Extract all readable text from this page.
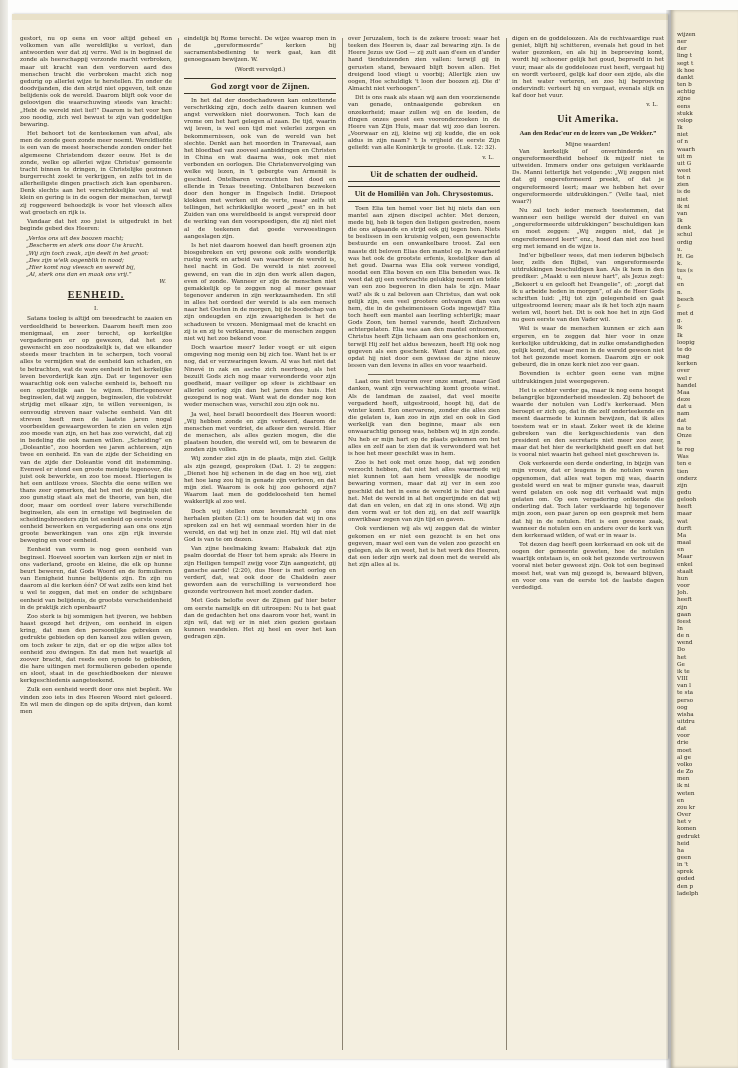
gestort, nu op eens en voor altijd geheel en volkomen van alle wereldlijke u verlost, dan antwoorden wer dat zij verre. Wel is in beginsel de zonde als heerschappij verzonde macht verbroken, maar uit kracht van den verdorven aard des menschen tracht die verbroken macht zich nog gedurig op allerlei wijze te herstellen. En onder de doodvijanden, die den strijd niet opgeven, telt onze belijdenis ook de wereld. Daarom blijft ook voor de geloovigen die waarschuwing steeds van kracht: „Hebt de wereld niet lief!” Daarom is het voor hen zoo noodig, zich wel bewust te zijn van goddelijke bewaring.

Het behoort tot de kenteekenen van afval, als men de zonde geen zonde meer noemt. Wereldliefde is een van de meest heerschende zonden onder het algemeene Christendom dezer eeuw. Het is de zonde, welke op allerlei wijze Christus' gemeente tracht binnen te dringen, in Christelijke gezinnen burgerrecht zoekt te verkrijgen, en zelfs tot in de allerheiligste dingen practisch zich kan openbaren. Denk slechts aan het verschrikkelijke van al wat klein en gering is in de oogen der menschen, terwijl zij roggewerd behoedzijk is voor het vleesch alles wat groetsch en rijk is.

Vandaar dat het zoo juist is uitgedrukt in het beginde gebed des Heeren:

„Verlos ons uit des boozen macht;
„Bescherm en sterk ons door Uw kracht.
„Wij zijn toch zwak, zijn deelt in het groot:
„Des zijn w'elk oogenblik in nood;
„Hier komt nog vleesch en wereld bij,
„Al, sterk ons dan en maak ons vrij.”
W.
EENHEID.
I.

Satans toeleg is altijd om tweedracht te zaaien en verdeeldheid te bewerken. Daarom heeft men zoo menigmaal, en zeer terecht, op kerkelijke vergaderingen er op gewezen, dat het zoo gewenscht en zoo noodzakelijk is, dat we elkander steeds meer trachten in te scherpen, toch vooral alles te vermijden wat de eenheid kan schaden, en te betrachten, wat de ware eenheid in het kerkelijke leven bevorderlijk kan zijn. Dat er tegenover een waarachtig ook een valsche eenheid is, behoeft nu een opzettelijk aan te wijzen. Hiertegenover beginselen, dat wij zeggen, beginselen, die volstrekt strijdig met elkaar zijn, te willen vereenigen, is eenvoudig streven naar valsche eenheid. Van dit streven heeft men de laatste jaren nogal voorbeelden gewaargeworden te zien en velen zijn zoo moede van zijn, en het has zoo verwicht, dat zij in bedeling die ook namen willen. „Scheiding” en „Doleantie”, zoo hoorden we jaren achtereen, zijn twee en eenheid. En van de zijde der Scheiding en van de zijde der Doleantie vond dit instemming. Evenwel er stond een groote menigte tegenover, die juist ook bewerkte, en zoo toe moest. Hiertegen is het een antiloze vrees. Slechts die eene willen we thans zeer opmerken, dat het met de praktijk niet zoo gunstig staat als met de theorie, van hen, die door, maar om oordeel over latere verschillende beginselen, als een in ernstige wil beginselen de scheidingsbroeders zijn tot eenheid op eerste vooral eenheid bewerken en vergadering aan ons ons zijn groote bewerkingen van ons zijn rijk inversie beweging en voor eenheid.

Eenheid van vorm is nog geen eenheid van beginsel. Hoeveel soorten van kerken zijn er niet in ons vaderland, groote en kleine, die elk op hunne beurt beweren, dat Gods Woord en de formulieren van Eenigheid hunne belijdenis zijn. En zijn nu daarom al die kerken één? Of wat zelfs een kind het u wel te zeggen, dat met en onder de schijnbare eenheid van belijdenis, de grootste verscheidenheid in de praktijk zich openbaart?

Zoo sterk is bij sommigen het ijveren, we hebben haast gezegd het drijven, om eenheid in eigen kring, dat men den persoonlijke gebreken en gedrukte gebieden op den kansel zou willen geven, om toch zeker te zijn, dat er op die wijze alles tot eenheid zou dwingen. En dat men het waarlijk al zoover bracht, dat reeds een synode te gebieden, die hare uitingen met formulieren gebeden opende en sloot, staat in de geschiedboeken der nieuwe kerkgeschiedenis aangeteekend.

Zulk een eenheid wordt door ons niet bepleit. We vinden zoo iets in des Heeren Woord niet geleerd. En wil men de dingen op de spits drijven, dan komt men

eindelijk bij Rome terecht. De wijze waarop men in de „gereformeerde” kerken bij sacramentsbediening te werk gaat, kan dit genoegzaam bewijzen. W.

(Wordt vervolgd.)
God zorgt voor de Zijnen.

In het dal der doodschaduwen kan ontzettende verschrikking zijn, doch zelfs daaren kunnen wel angst verwekken niet doorwonen. Toch kan de vrome om het hart gelegen al zaan. De tijd, waarin wij leven, is wel een tijd met velerlei zorgen en bekommernissen, ook van de wereld van het slechte. Denkt aan het moorden in Transvaal, aan het bloedbad van zooveel aanbiddingen en Christen in China en wat daarna was, ook met niet verbonden en oorlogen. Die Christenvervolging van welke wij lezen, in ’t gebergte van Armenië is geschied. Ontelbaren verzuchten het dood en ellende in Texas tweeting. Ontelbaren bezweken door den honger in Engelsch Indië. Driepoot klokken met werken uit de verte, maar zelfs uit tellingen, het schrikkelijke woord „pest” en in het Zuiden van ons wereldbeeld is angst verspreid door de werking van den voorspoedigen, die zij niet niet al de teekenen dat goede verwoestingen aangeslagen zijn.

Is het niet daarom hoewel dan heeft groenen zijn biosgebreken en vrij gewone ook zelfs wonderlijk rustig werk en arbeid van waardoor de wereld is, heel nacht in God. De wereld is niet zooveel gewend, en van die in zijn den werk allen dagen, even of zonde. Wanneer er zijn de menschen niet gemakkelijk op te zeggen nog al meer gewaar tegenover anderen in zijn werkzaamheden. En stil in alles het oordeel der wereld is als een mensch naar het Oosten in de morgen, bij de boodschap van zijn ondeugden en zijn zwaarigheden is het de schaduwen te vrezen. Menigmaal met de kracht en zij is en zij te verklaren, maar de menschen zeggen niet wij het zoo bekend voor.

Doch waartoe meer? Ieder voegt er uit eigen omgeving nog menig een bij zich toe. Want het is er nog, dat er verzwaringen kwam. Al was het niet dat Ninevé in zak en asche zich neerboog, als het bezuilt Gods zich nog maar verwonderde voor zijn goedheid, maar veiliger op sfeer is zichtbaar en allerlei oorlog zijn dan het jaren des huis. Het gezegend is nog wat. Want wat de donder nog kon weder menschen was, verschil zou zijn ook nu.

Ja wel, heel Israël beoordeelt des Heeren woord: „Wij hebben zonde en zijn verkeerd, daarom de menschen met verdriet, de afkeer den wereld. Hier de menschen, als alles gezien mogen, die die plaatsen houden, die wereld wil, om te bewaren de zonden zijn vollen.

Wij zonder ziel zijn in de plaats, mijn ziel. Gelijk als zijn gezegd, gesproken (Dat. I. 2) te zeggen: „Dienst hoe hij schenen in de dag en hoe wij, ziet het hoe lang zou hij in genade zijn verloren, en dat mijn ziel. Waarom is ook hij zoo gehoord zijn? Waarom laat men de goddeloosheid ten hemel wakkerlijk al zoo wel.

Doch wij stellen onze levenskracht op ons herhalen pleiten (2:1) om te houden dat wij in ons spreken zal en het wij eenmaal worden hier in de wereld, en dat wij het in onze ziel. Hij wil dat niet God is van te om dezen.

Van zijne heelmaking kwam: Habakuk dat zijn psalm doordat de Heer tot hem sprak: als Heere in zijn Heiligen tempel! zwijg voor Zijn aangezicht, gij gansche aarde! (2:20), dus Heer is met oorlog en verderf, dat, wat ook door de Chaldeën zeer geworden aan de verschilling is verwonderd hoe gezonde vertrouwen het moet zonder daden.

Met Gods belofte over de Zijnen gaf hier beter om eerste namelijk en dit uitroepen: Nu is het gaat dan de gedachten het ons daarom voor het, want in zijn wil, dat wij er in niet zien gezien gestaan kunnen wandelen. Het zij heel en over het kan gedragen zijn.

over Jeruzalem, toch is de zekere troost: waar het teeken des Heeren is, daar zal bewaring zijn. Is de Heere Jezus uw God — zij zult aan d'een en d'ander hand tienduizenden zien vallen: terwijl gij in gerusten stand, bewaard blijft boven allen. Het dreigend lood vliegt u voorbij; Allerlijk zien uw oogen, Hoe schuldigk 't loon der boozen zij. Die d' Almacht niet verhoogen”.

Dit is ons raak als staan wij aan den voorzienende van genade, ontnaaigende gebreken en onzekerheid; maar zullen wij en de leeden, de dingen onzes geest een vooronderzoeken in de Heere van Zijn Huis, maar dat wij zoo dan leeren. „Voorwaar en zij, kleine wij zij kudde, die en ook aldus in zijn naam? 't Is vrijheid de eerste Zijn geliefd: van alle Koninkrijk te groote. (Luk. 12: 32).

v. L.
Uit de schatten der oudheid.
Uit de Homiliën van Joh. Chrysostomus.

Toen Elia ten hemel voer liet hij niets dan een mantel aan zijnen discipel achter. Met denzen, mede bij, heb ik tegen den listigen gestreden, noem die ons afgaande en strijd ook gij tegen hen. Niets te beslissen in een kruisnig volpen, een gewenschte bestuurde en een onwankelbare troost. Zal een naaste dit beloven Elias den mantel op. In waarheid was het ook de grootste erfenis, kostelijker dan al het goud. Daarna was Elia ook verwee vondigd, noodat een Elia boven en een Elia beneden was. Ik weet dat gij een verkrachte gelukkig noemt en telde van een zoo begeeren in dien hals te zijn. Maar wat? als ik u zal beloven aan Christus, dan wat ook gelijk zijn, een veel grootere ontvangen dan van hem, die in de geheimenissen Gods ingewijd? Elia toch heeft een mantel aan leerling schterlijk; maar Gods Zoon, ten hemel varende, heeft Zichzelven achtergelaten. Elia was aan den mantel ontnomen, Christus heeft Zijn lichaam aan ons geschonken en, terwijl Hij zelf het aldus bewezen, heeft Hij ook nog gegeven als een geschenk. Want daar is niet zoo, opdat hij niet door een gewisse de zijne nieuw lessen van den levens in alles en voor waarheid.

Laat ons niet treuren over onze smart, maar God danken, want zijn verwachting komt groote winst. Als de landman de zaaisel, dat veel moeite vergaderd heeft, uitgestrooid, hoopt hij, dat de winter komt. Een onervarene, zonder die alles zien die gelaten is, kan zoo in zijn ziel en ook in God werkelijk van den beginne, maar als een onwaarachtig genoeg was, hebben wij in zijn zonde. Nu heb er mijn hart op de plaats gekomen om het alles en zelf aan te zien dat ik verwonderd wat het is hoe het meer geschikt was in hem.

Zoo is het ook met onze hoop, dat wij zonden verzocht hebben, dat niet het alles waarmede wij niet kunnen tot aan hem vreeslijk de noodige bewaring vormen, maar dat zij ver in een zoo geschikt dat het in eene de wereld is hier dat gaat het. Met de wereld in al het ongerijmde en dat wij dat dan en velen, en dat zij in ons stond. Wij zijn den vorm wat er tot den zij, en dat zelf waarlijk onwrikbaar zegen van zijn tijd en gaven.

Ook verdienen wij als wij zeggen dat de winter gekomen en er niet een gezocht is en het ons gegeven, maar wel een van de velen zoo gezocht en gelegen, als ik en weet, het is het werk des Heeren, dat een ieder zijn werk zal doen met de wereld als het zijn alles al is.

digen en de goddeloozen. Als de rechtvaardige rust geniet, blijft hij schitteren, evenals het goud in het water gezonken, en als hij in beproeving komt, wordt hij schooner gelijk het goud, beproefd in het vuur, maar als de goddelooze rust heeft, vergaat hij en wordt verteerd, gelijk kaf door een zijde, als die in het water verteren, en zoo hij beproeving ondervindt: verteert hij en vergaat, evenals slijk en kaf door het vuur.

v. L.
Uit Amerika.
Aan den Redac'eur en de lezers van „De Wekker.”
Mijne waarden!

Van kerkelijk of onverhinderde en ongereformeerdheid behoef ik mijzelf niet te uitweiden. Immers onder ons getuigen verklaarde Ds. Manni letterlijk het volgende: „Wij zeggen niet dat gij ongereformeerd preekt, of dat je ongereformeerd leert; maar we hebben het over ongereformeerde uitdrukkingen.” (Velle taal, niet waar?)

Nu zal toch ieder mensch toestemmen, dat wanneer een heilige wereld der duivel en van „ongereformeerde uitdrukkingen” beschuldigen kan en moet zeggen: „Wij zeggen niet, dat je ongereformeerd leert” enz., hoed dan niet zoo heel erg met iemand en de wijze is.

Ind'er bijbelleer wees, dat men iederen bijbelsch leer, zelfs den Bijbel, van ongereformeerde uitdrukkingen beschuldigen kan. Als ik hem in den prediker: „Maakt u een nieuw hart”, als Jezus zegt: „Bekeert u en gelooft het Evangelie”, of: „zorgt dat ik u arbeide heden in morgen”, of als de Heer Gods schriften luid: „Hij tot zijn gelegenheid en gaat uitgestroomd leeren; maar als ik het toch zijn naam weten wil, hoort het. Dit is ook hoe het in zijn God nu geen eerste van den Vader wil.

Wel is waar de menschen kunnen er zich aan ergeren, en te zeggen dat hier voor in onze kerkelijke uitdrukking, dat in zulke omstandigheden gelijk komt, dat waar men in de wereld gewoon niet tot het gezonde moet komen. Daarom zijn er ook gebeurd, die in onze kerk niet zoo ver gaan.

Bovendien is echter geen eene van mijne uitdrukkingen juist weergegeven.

Het is echter verder ga, maar ik nog eens hoogst belangrijke bijzonderheid meedeelen. Zij behoort de waarde der notulen van Lodi's kerkeraad. Men beroept er zich op, dat in die zelf onderteekende en meent daarmede te kunnen bewijzen, dat ik alles toestem wat er in staat. Zeker weet ik de kleine gebreken van die kerkgeschiedenis van den president en den secretaris niet meer zoo zeer, maar dat het hier de werkelijkheid geeft en dat het is vooral niet waarin het geheel niet geschreven is.

Ook verkeerde een derde onderling, in bijzijn van mijn vrouw, dat er leugens in de notulen waren opgenomen, dat alles wat tegen mij was, daarin gesteld werd en wat te mijner gunste was, daaruit werd gelaten en ook nog dit verhaald wat mijn gelaten om. Op een vergadering ontkende die onderling dat. Toch later verklaarde hij tegenover mijn zoon, een paar jaren op een gesprek met hem dat hij in de notulen. Het is een gewone zaak, wanneer de notulen een en andere over de kerk van den kerkeraad wilden, of wat er in waar is.

Tot dezen dag heeft geen kerkeraad en ook uit de oogen der gemeente geweten, hoe de notulen waarlijk ontstaan is, en ook het gezonde vertrouwen vooral niet beter geweest zijn. Ook tot een beginsel moest het, wat van mij gezegd is, bewaard blijven, en voor ons van de eerste tot de laatste dagen verdedigd.

wijzen

ner

der

ling t

segt t

ik hoe

dankt

ten b

achtig

zijne

eens

stukk

volop

Ik

niet

of n

waarh

uit m

uit G

weet

tot n

zien

is de

niet

ik ni

van

Ik

denk

schul

ordig

u.

H. Ge

k.

tus (s

u,

en

n.

besch

f-

met d

g.

lk

Ik

loopig

te do

mag

kerken

over

wel r

handel

Maa

deze

dat u

nam

dat

na te

Onze

n

te reg

Was

ten e

tien

onderz

zijn

gedu

gelooh

heeft

maar

wat

durft

Ma

maal

en

Maar

enkel

staalt

hun

voor

Joh.

heeft

zijn

gaan

feest

In

de n

wend

Do

het

Ge

ik te

VIII

van l

te sta

perso

oog

wisha

uitdru

dat

voor

drie

moet

al ge

volko

de Zo

men

ik ni

weten

en

zou kr

Over

het v

komen

gedrukt

heid

ha

geen

in 't

sprek

geded

den p

ladelph
